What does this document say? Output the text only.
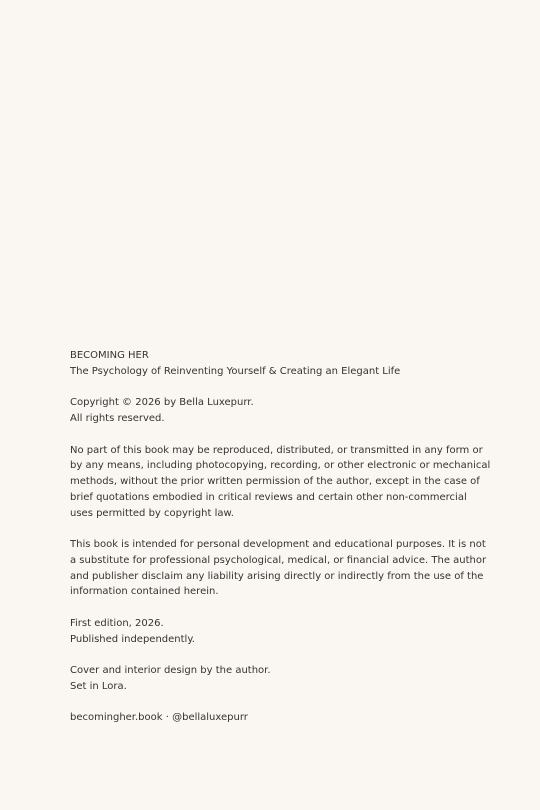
BECOMING HER
The Psychology of Reinventing Yourself & Creating an Elegant Life
Copyright © 2026 by Bella Luxepurr.
All rights reserved.
No part of this book may be reproduced, distributed, or transmitted in any form or
by any means, including photocopying, recording, or other electronic or mechanical
methods, without the prior written permission of the author, except in the case of
brief quotations embodied in critical reviews and certain other non-commercial
uses permitted by copyright law.
This book is intended for personal development and educational purposes. It is not
a substitute for professional psychological, medical, or financial advice. The author
and publisher disclaim any liability arising directly or indirectly from the use of the
information contained herein.
First edition, 2026.
Published independently.
Cover and interior design by the author.
Set in Lora.
becomingher.book · @bellaluxepurr
